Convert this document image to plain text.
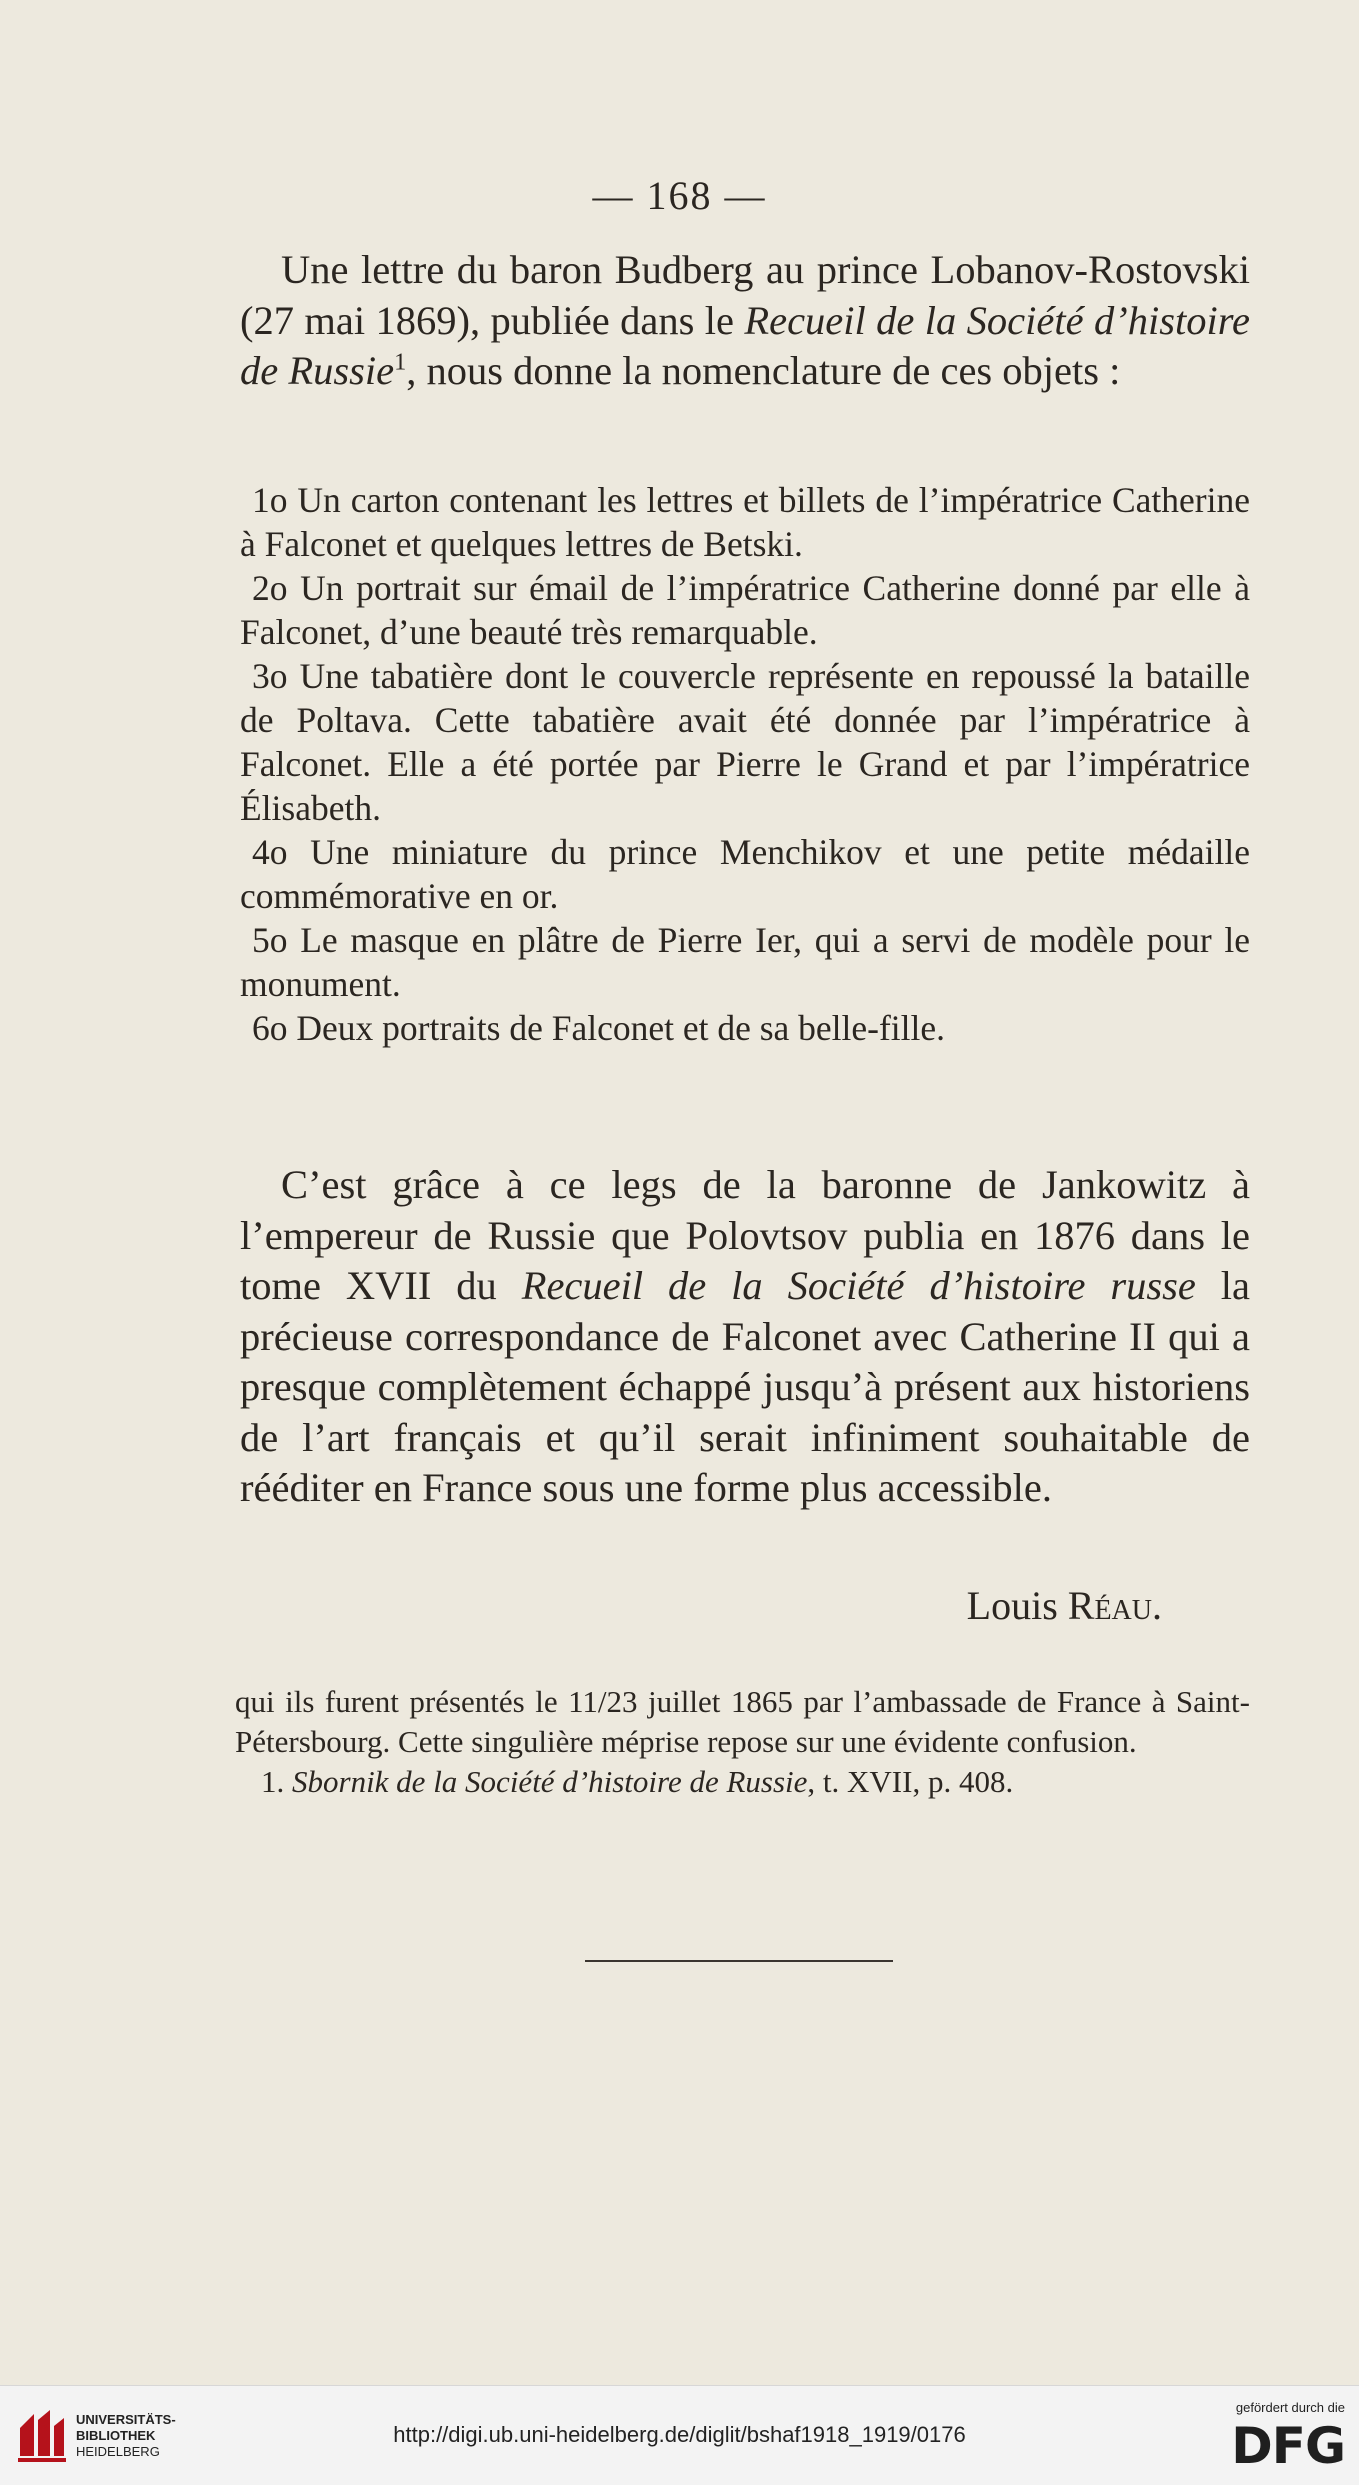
— 168 —

Une lettre du baron Budberg au prince Lobanov-Rostovski (27 mai 1869), publiée dans le Recueil de la Société d’histoire de Russie$^1$, nous donne la nomenclature de ces objets :

1o Un carton contenant les lettres et billets de l’impératrice Catherine à Falconet et quelques lettres de Betski.

2o Un portrait sur émail de l’impératrice Catherine donné par elle à Falconet, d’une beauté très remarquable.

3o Une tabatière dont le couvercle représente en repoussé la bataille de Poltava. Cette tabatière avait été donnée par l’impératrice à Falconet. Elle a été portée par Pierre le Grand et par l’impératrice Élisabeth.

4o Une miniature du prince Menchikov et une petite médaille commémorative en or.

5o Le masque en plâtre de Pierre Ier, qui a servi de modèle pour le monument.

6o Deux portraits de Falconet et de sa belle-fille.

C’est grâce à ce legs de la baronne de Jankowitz à l’empereur de Russie que Polovtsov publia en 1876 dans le tome XVII du Recueil de la Société d’histoire russe la précieuse correspondance de Falconet avec Catherine II qui a presque complètement échappé jusqu’à présent aux historiens de l’art français et qu’il serait infiniment souhaitable de rééditer en France sous une forme plus accessible.

Louis Réau.

qui ils furent présentés le 11/23 juillet 1865 par l’ambassade de France à Saint-Pétersbourg. Cette singulière méprise repose sur une évidente confusion.

1. Sbornik de la Société d’histoire de Russie, t. XVII, p. 408.

UNIVERSITÄTS-
BIBLIOTHEK
HEIDELBERG
http://digi.ub.uni-heidelberg.de/diglit/bshaf1918_1919/0176
gefördert durch die
DFG
